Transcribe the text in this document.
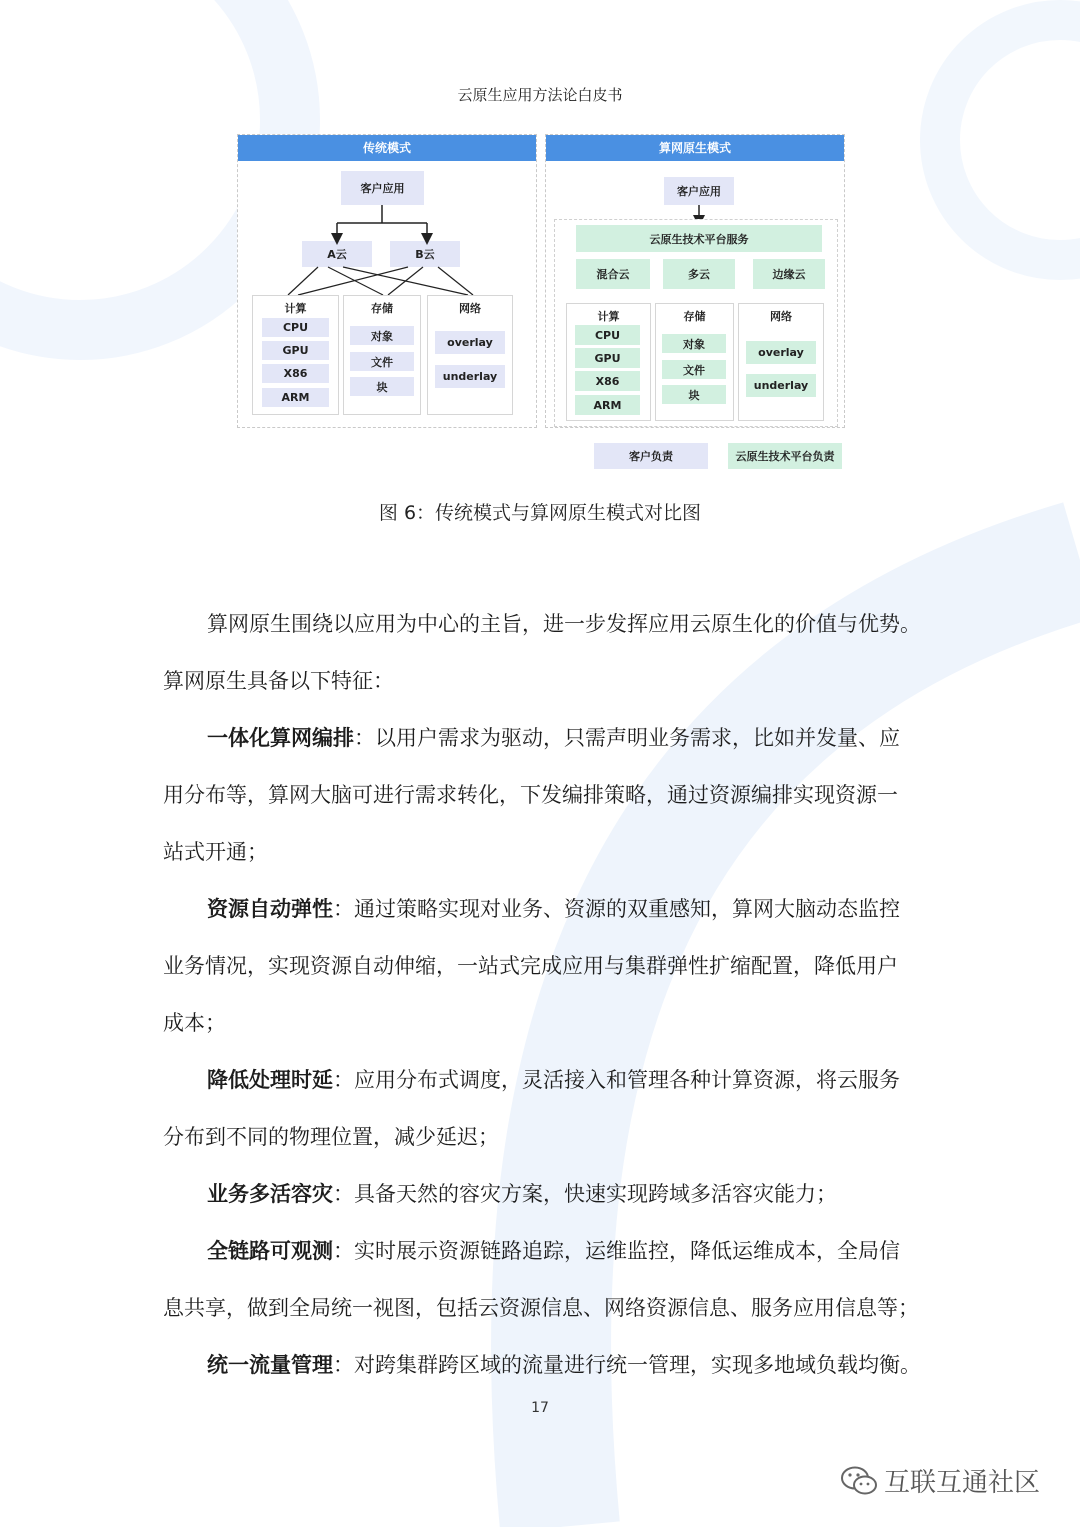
云原生应用方法论白皮书
传统模式
客户应用
A云	B云
计算
CPU
GPU
X86
ARM
存储
对象
文件
块
网络
overlay
underlay
算网原生模式
客户应用
云原生技术平台服务
混合云	多云	边缘云
计算
CPU
GPU
X86
ARM
存储
对象
文件
块
网络
overlay
underlay
客户负责	云原生技术平台负责
图 6：传统模式与算网原生模式对比图
算网原生围绕以应用为中心的主旨，进一步发挥应用云原生化的价值与优势。
算网原生具备以下特征：
一体化算网编排：以用户需求为驱动，只需声明业务需求，比如并发量、应
用分布等，算网大脑可进行需求转化，下发编排策略，通过资源编排实现资源一
站式开通；
资源自动弹性：通过策略实现对业务、资源的双重感知，算网大脑动态监控
业务情况，实现资源自动伸缩，一站式完成应用与集群弹性扩缩配置，降低用户
成本；
降低处理时延：应用分布式调度，灵活接入和管理各种计算资源，将云服务
分布到不同的物理位置，减少延迟；
业务多活容灾：具备天然的容灾方案，快速实现跨域多活容灾能力；
全链路可观测：实时展示资源链路追踪，运维监控，降低运维成本，全局信
息共享，做到全局统一视图，包括云资源信息、网络资源信息、服务应用信息等；
统一流量管理：对跨集群跨区域的流量进行统一管理，实现多地域负载均衡。
17
互联互通社区
